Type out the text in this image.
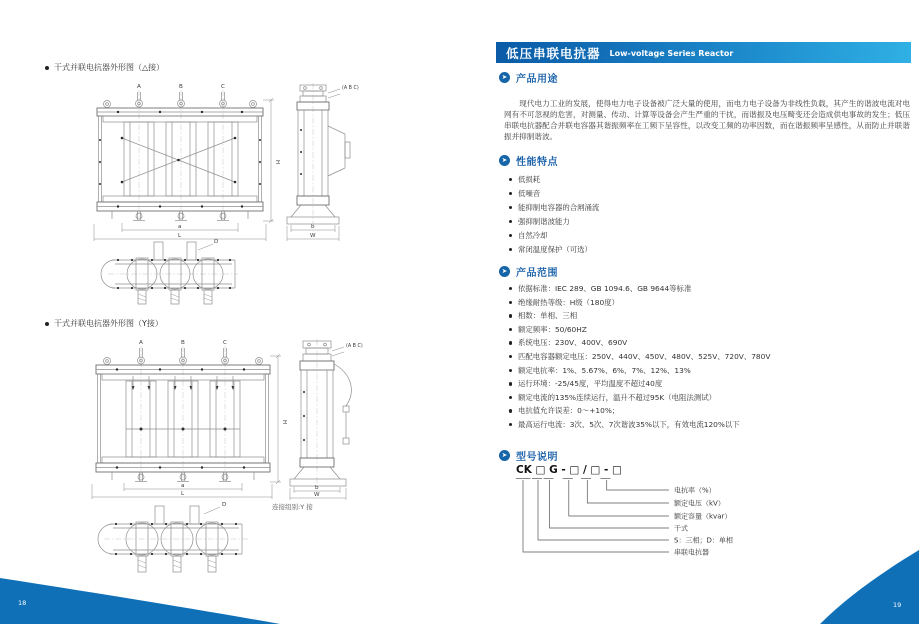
干式并联电抗器外形图（△接）
A	B	C
H
a
L
(A B C)
b
W
D
干式并联电抗器外形图（Y接）
A	B	C
H
a
L
(A B C)
b
W
D	连接组别:Y 接
18
低压串联电抗器 Low-voltage Series Reactor
➤ 产品用途

现代电力工业的发展，使得电力电子设备被广泛大量的使用，而电力电子设备为非线性负载，其产生的谐波电流对电网有不可忽视的危害，对测量、传动、计算等设备会产生严重的干扰，而谐振及电压畸变还会造成供电事故的发生；低压串联电抗器配合并联电容器其谐振频率在工频下呈容性，以改变工频的功率因数，而在谐振频率呈感性，从而防止并联谐振并抑制谐波。

➤ 性能特点
低损耗
低噪音
能抑制电容器的合闸涌流
强抑制谐波能力
自然冷却
常闭温度保护（可选）
➤ 产品范围
依据标准：IEC 289、GB 1094.6、GB 9644等标准
绝缘耐热等级：H级（180度）
相数：单相、三相
额定频率：50/60HZ
系统电压：230V、400V、690V
匹配电容器额定电压：250V、440V、450V、480V、525V、720V、780V
额定电抗率：1%、5.67%、6%、7%、12%、13%
运行环境：-25/45度，平均温度不超过40度
额定电流的135%连续运行，温升不超过95K（电阻法测试）
电抗值允许误差：0～+10%；
最高运行电流：3次、5次、7次谐波35%以下，有效电流120%以下
➤ 型号说明
CK □ G - □ / □ - □
电抗率（%）
额定电压（kV）
额定容量（kvar）
干式
S：三相；D：单相
串联电抗器
19
